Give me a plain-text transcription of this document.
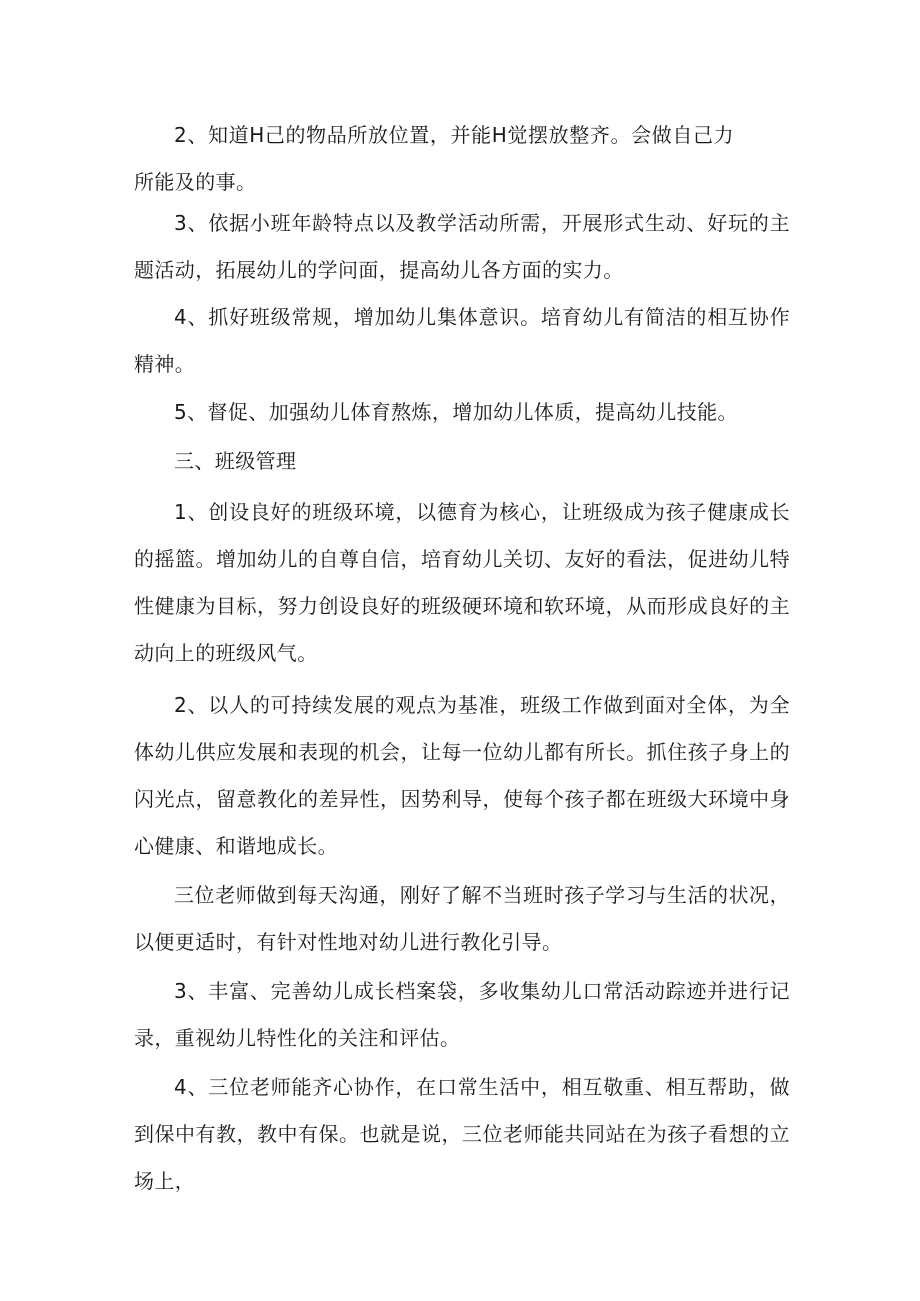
2、知道H己的物品所放位置，并能H觉摆放整齐。会做自己力所能及的事。

3、依据小班年龄特点以及教学活动所需，开展形式生动、好玩的主题活动，拓展幼儿的学问面，提高幼儿各方面的实力。

4、抓好班级常规，增加幼儿集体意识。培育幼儿有简洁的相互协作精神。

5、督促、加强幼儿体育熬炼，增加幼儿体质，提高幼儿技能。

三、班级管理

1、创设良好的班级环境，以德育为核心，让班级成为孩子健康成长的摇篮。增加幼儿的自尊自信，培育幼儿关切、友好的看法，促进幼儿特性健康为目标，努力创设良好的班级硬环境和软环境，从而形成良好的主动向上的班级风气。

2、以人的可持续发展的观点为基准，班级工作做到面对全体，为全体幼儿供应发展和表现的机会，让每一位幼儿都有所长。抓住孩子身上的闪光点，留意教化的差异性，因势利导，使每个孩子都在班级大环境中身心健康、和谐地成长。

三位老师做到每天沟通，刚好了解不当班时孩子学习与生活的状况，以便更适时，有针对性地对幼儿进行教化引导。

3、丰富、完善幼儿成长档案袋，多收集幼儿口常活动踪迹并进行记录，重视幼儿特性化的关注和评估。

4、三位老师能齐心协作，在口常生活中，相互敬重、相互帮助，做到保中有教，教中有保。也就是说，三位老师能共同站在为孩子看想的立场上，
